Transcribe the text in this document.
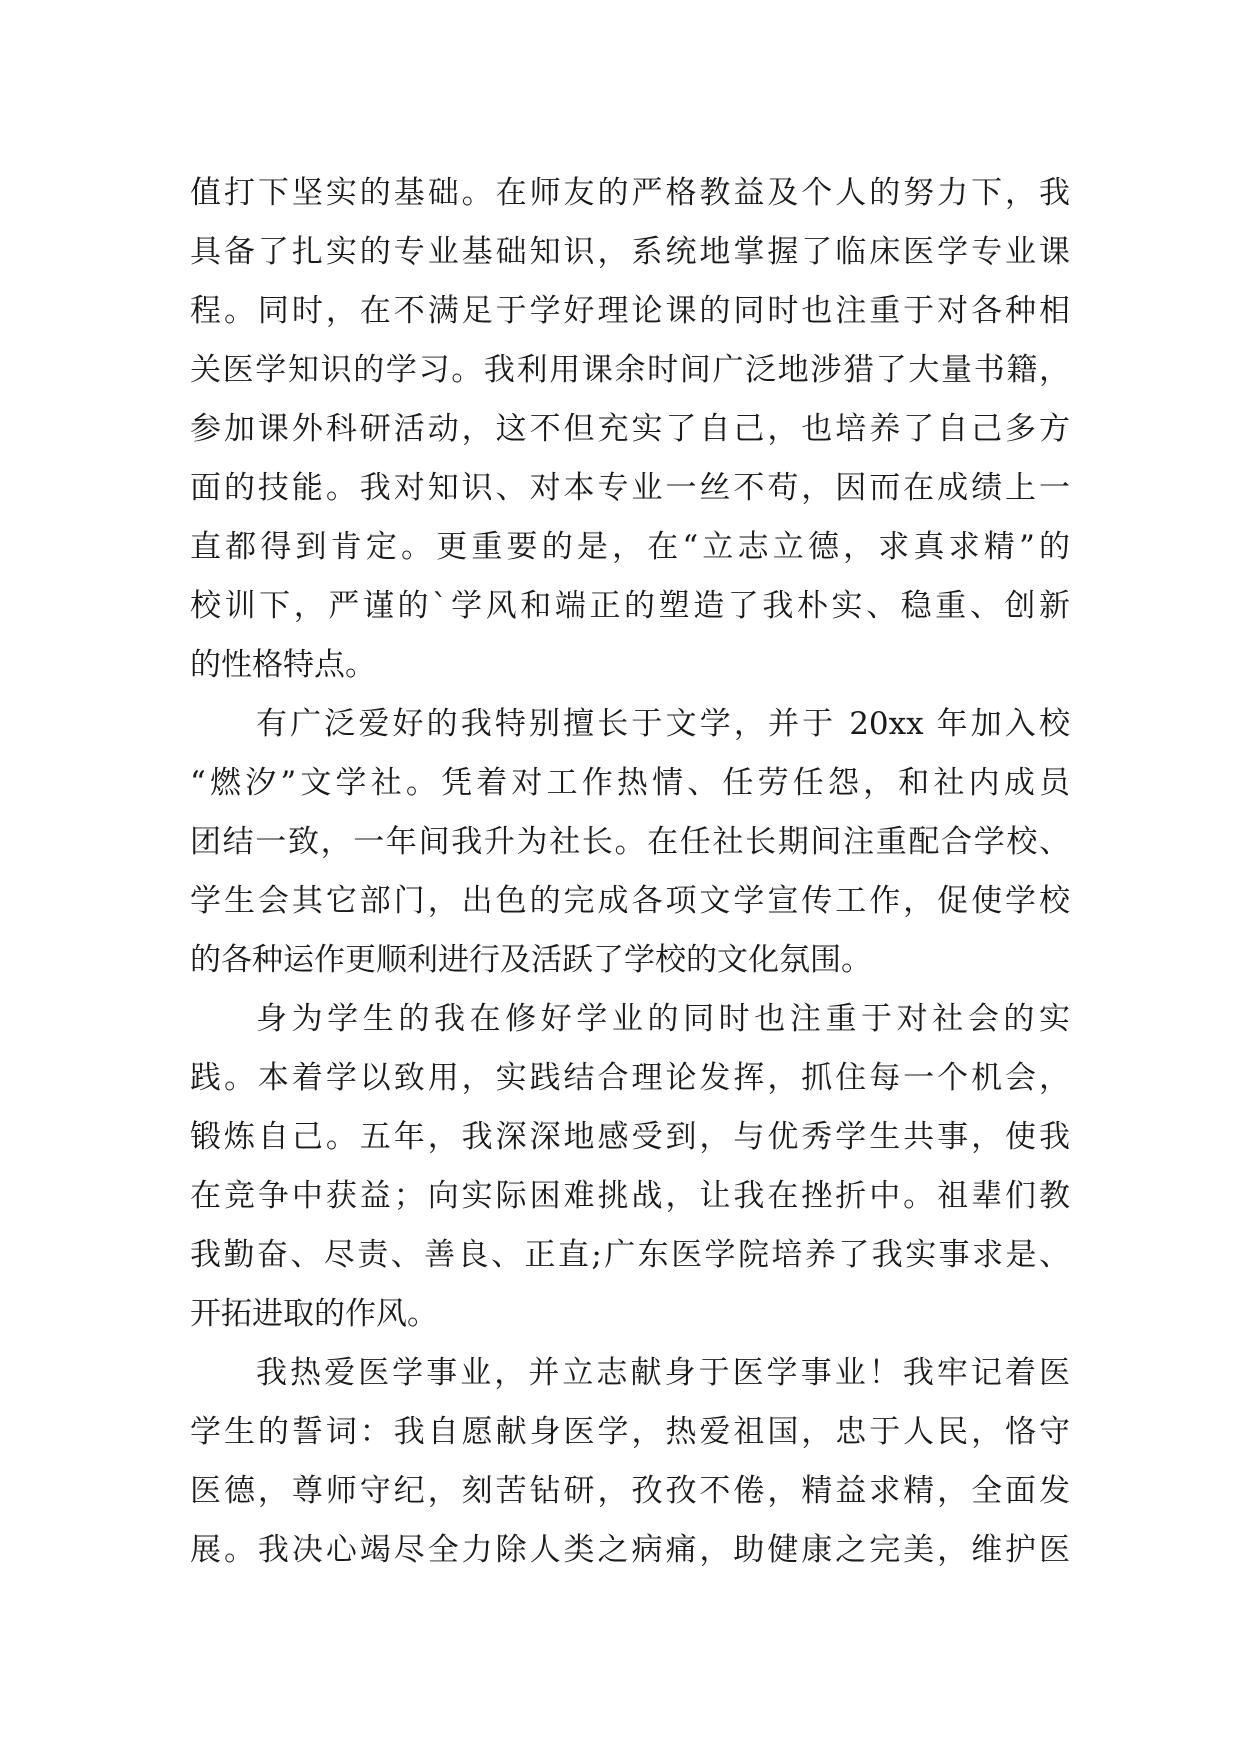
值打下坚实的基础。在师友的严格教益及个人的努力下，我
具备了扎实的专业基础知识，系统地掌握了临床医学专业课
程。同时，在不满足于学好理论课的同时也注重于对各种相
关医学知识的学习。我利用课余时间广泛地涉猎了大量书籍，
参加课外科研活动，这不但充实了自己，也培养了自己多方
面的技能。我对知识、对本专业一丝不苟，因而在成绩上一
直都得到肯定。更重要的是，在“立志立德，求真求精”的
校训下，严谨的`学风和端正的塑造了我朴实、稳重、创新
的性格特点。
有广泛爱好的我特别擅长于文学，并于 20xx 年加入校
“燃汐”文学社。凭着对工作热情、任劳任怨，和社内成员
团结一致，一年间我升为社长。在任社长期间注重配合学校、
学生会其它部门，出色的完成各项文学宣传工作，促使学校
的各种运作更顺利进行及活跃了学校的文化氛围。
身为学生的我在修好学业的同时也注重于对社会的实
践。本着学以致用，实践结合理论发挥，抓住每一个机会，
锻炼自己。五年，我深深地感受到，与优秀学生共事，使我
在竞争中获益；向实际困难挑战，让我在挫折中。祖辈们教
我勤奋、尽责、善良、正直;广东医学院培养了我实事求是、
开拓进取的作风。
我热爱医学事业，并立志献身于医学事业！我牢记着医
学生的誓词：我自愿献身医学，热爱祖国，忠于人民，恪守
医德，尊师守纪，刻苦钻研，孜孜不倦，精益求精，全面发
展。我决心竭尽全力除人类之病痛，助健康之完美，维护医
